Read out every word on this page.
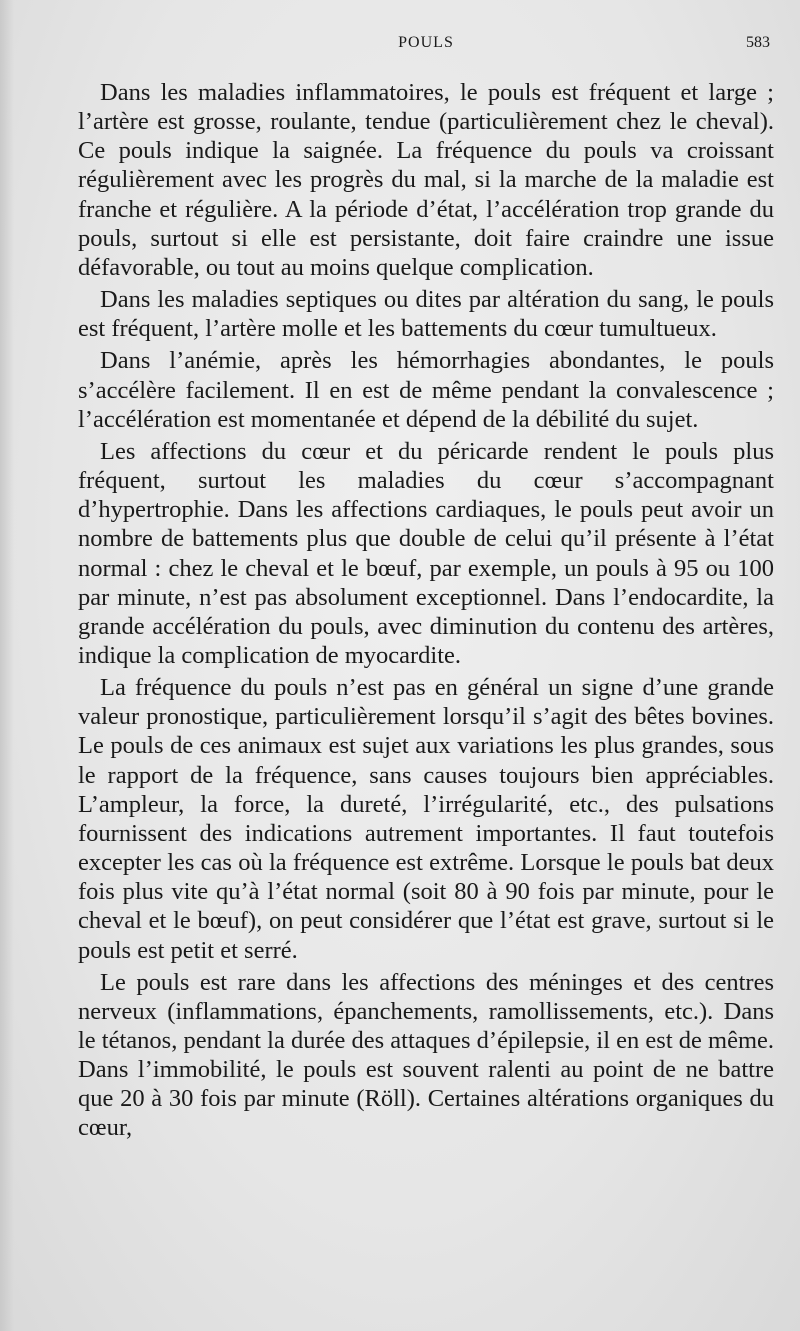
POULS	583

Dans les maladies inflammatoires, le pouls est fréquent et large ; l’artère est grosse, roulante, tendue (particulièrement chez le cheval). Ce pouls indique la saignée. La fréquence du pouls va croissant régulièrement avec les progrès du mal, si la marche de la maladie est franche et régulière. A la période d’état, l’accélération trop grande du pouls, surtout si elle est persistante, doit faire craindre une issue défavorable, ou tout au moins quelque complication.

Dans les maladies septiques ou dites par altération du sang, le pouls est fréquent, l’artère molle et les battements du cœur tumultueux.

Dans l’anémie, après les hémorrhagies abondantes, le pouls s’accélère facilement. Il en est de même pendant la convalescence ; l’accélération est momentanée et dépend de la débilité du sujet.

Les affections du cœur et du péricarde rendent le pouls plus fréquent, surtout les maladies du cœur s’accompagnant d’hypertrophie. Dans les affections cardiaques, le pouls peut avoir un nombre de battements plus que double de celui qu’il présente à l’état normal : chez le cheval et le bœuf, par exemple, un pouls à 95 ou 100 par minute, n’est pas absolument exceptionnel. Dans l’endocardite, la grande accélération du pouls, avec diminution du contenu des artères, indique la complication de myocardite.

La fréquence du pouls n’est pas en général un signe d’une grande valeur pronostique, particulièrement lorsqu’il s’agit des bêtes bovines. Le pouls de ces animaux est sujet aux variations les plus grandes, sous le rapport de la fréquence, sans causes toujours bien appréciables. L’ampleur, la force, la dureté, l’irrégularité, etc., des pulsations fournissent des indications autrement importantes. Il faut toutefois excepter les cas où la fréquence est extrême. Lorsque le pouls bat deux fois plus vite qu’à l’état normal (soit 80 à 90 fois par minute, pour le cheval et le bœuf), on peut considérer que l’état est grave, surtout si le pouls est petit et serré.

Le pouls est rare dans les affections des méninges et des centres nerveux (inflammations, épanchements, ramollissements, etc.). Dans le tétanos, pendant la durée des attaques d’épilepsie, il en est de même. Dans l’immobilité, le pouls est souvent ralenti au point de ne battre que 20 à 30 fois par minute (Röll). Certaines altérations organiques du cœur,
